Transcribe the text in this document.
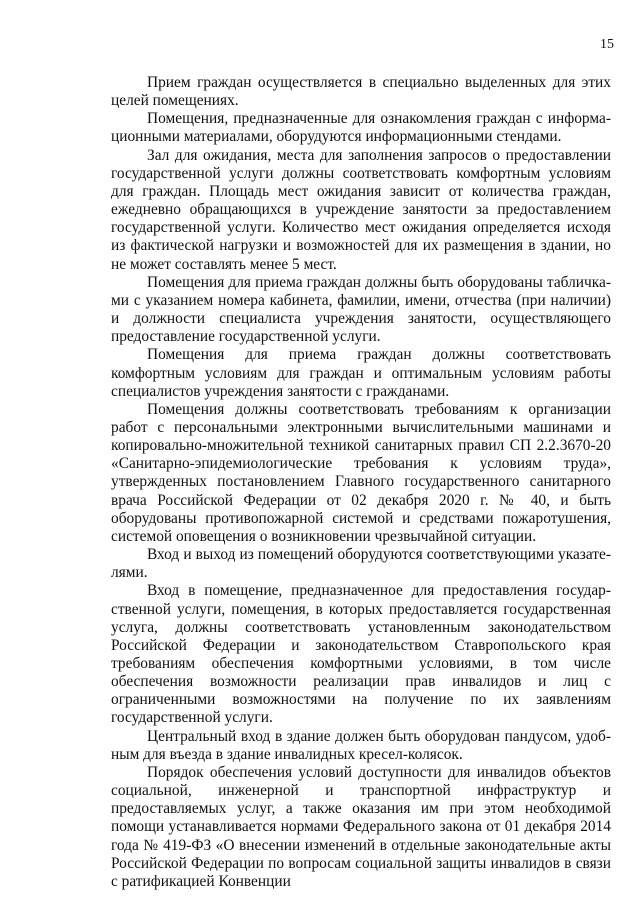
15

Прием граждан осуществляется в специально выделенных для этих целей помещениях.

Помещения, предназначенные для ознакомления граждан с информационными материалами, оборудуются информационными стендами.

Зал для ожидания, места для заполнения запросов о предоставлении государственной услуги должны соответствовать комфортным условиям для граждан. Площадь мест ожидания зависит от количества граждан, ежедневно обращающихся в учреждение занятости за предоставлением государственной услуги. Количество мест ожидания определяется исходя из фактической нагрузки и возможностей для их размещения в здании, но не может составлять менее 5 мест.

Помещения для приема граждан должны быть оборудованы табличками с указанием номера кабинета, фамилии, имени, отчества (при наличии) и должности специалиста учреждения занятости, осуществляющего предоставление государственной услуги.

Помещения для приема граждан должны соответствовать комфортным условиям для граждан и оптимальным условиям работы специалистов учреждения занятости с гражданами.

Помещения должны соответствовать требованиям к организации работ с персональными электронными вычислительными машинами и копировально-множительной техникой санитарных правил СП 2.2.3670-20 «Санитарно-эпидемиологические требования к условиям труда», утвержденных постановлением Главного государственного санитарного врача Российской Федерации от 02 декабря 2020 г. № 40, и быть оборудованы противопожарной системой и средствами пожаротушения, системой оповещения о возникновении чрезвычайной ситуации.

Вход и выход из помещений оборудуются соответствующими указателями.

Вход в помещение, предназначенное для предоставления государственной услуги, помещения, в которых предоставляется государственная услуга, должны соответствовать установленным законодательством Российской Федерации и законодательством Ставропольского края требованиям обеспечения комфортными условиями, в том числе обеспечения возможности реализации прав инвалидов и лиц с ограниченными возможностями на получение по их заявлениям государственной услуги.

Центральный вход в здание должен быть оборудован пандусом, удобным для въезда в здание инвалидных кресел-колясок.

Порядок обеспечения условий доступности для инвалидов объектов социальной, инженерной и транспортной инфраструктур и предоставляемых услуг, а также оказания им при этом необходимой помощи устанавливается нормами Федерального закона от 01 декабря 2014 года № 419-ФЗ «О внесении изменений в отдельные законодательные акты Российской Федерации по вопросам социальной защиты инвалидов в связи с ратификацией Конвенции
